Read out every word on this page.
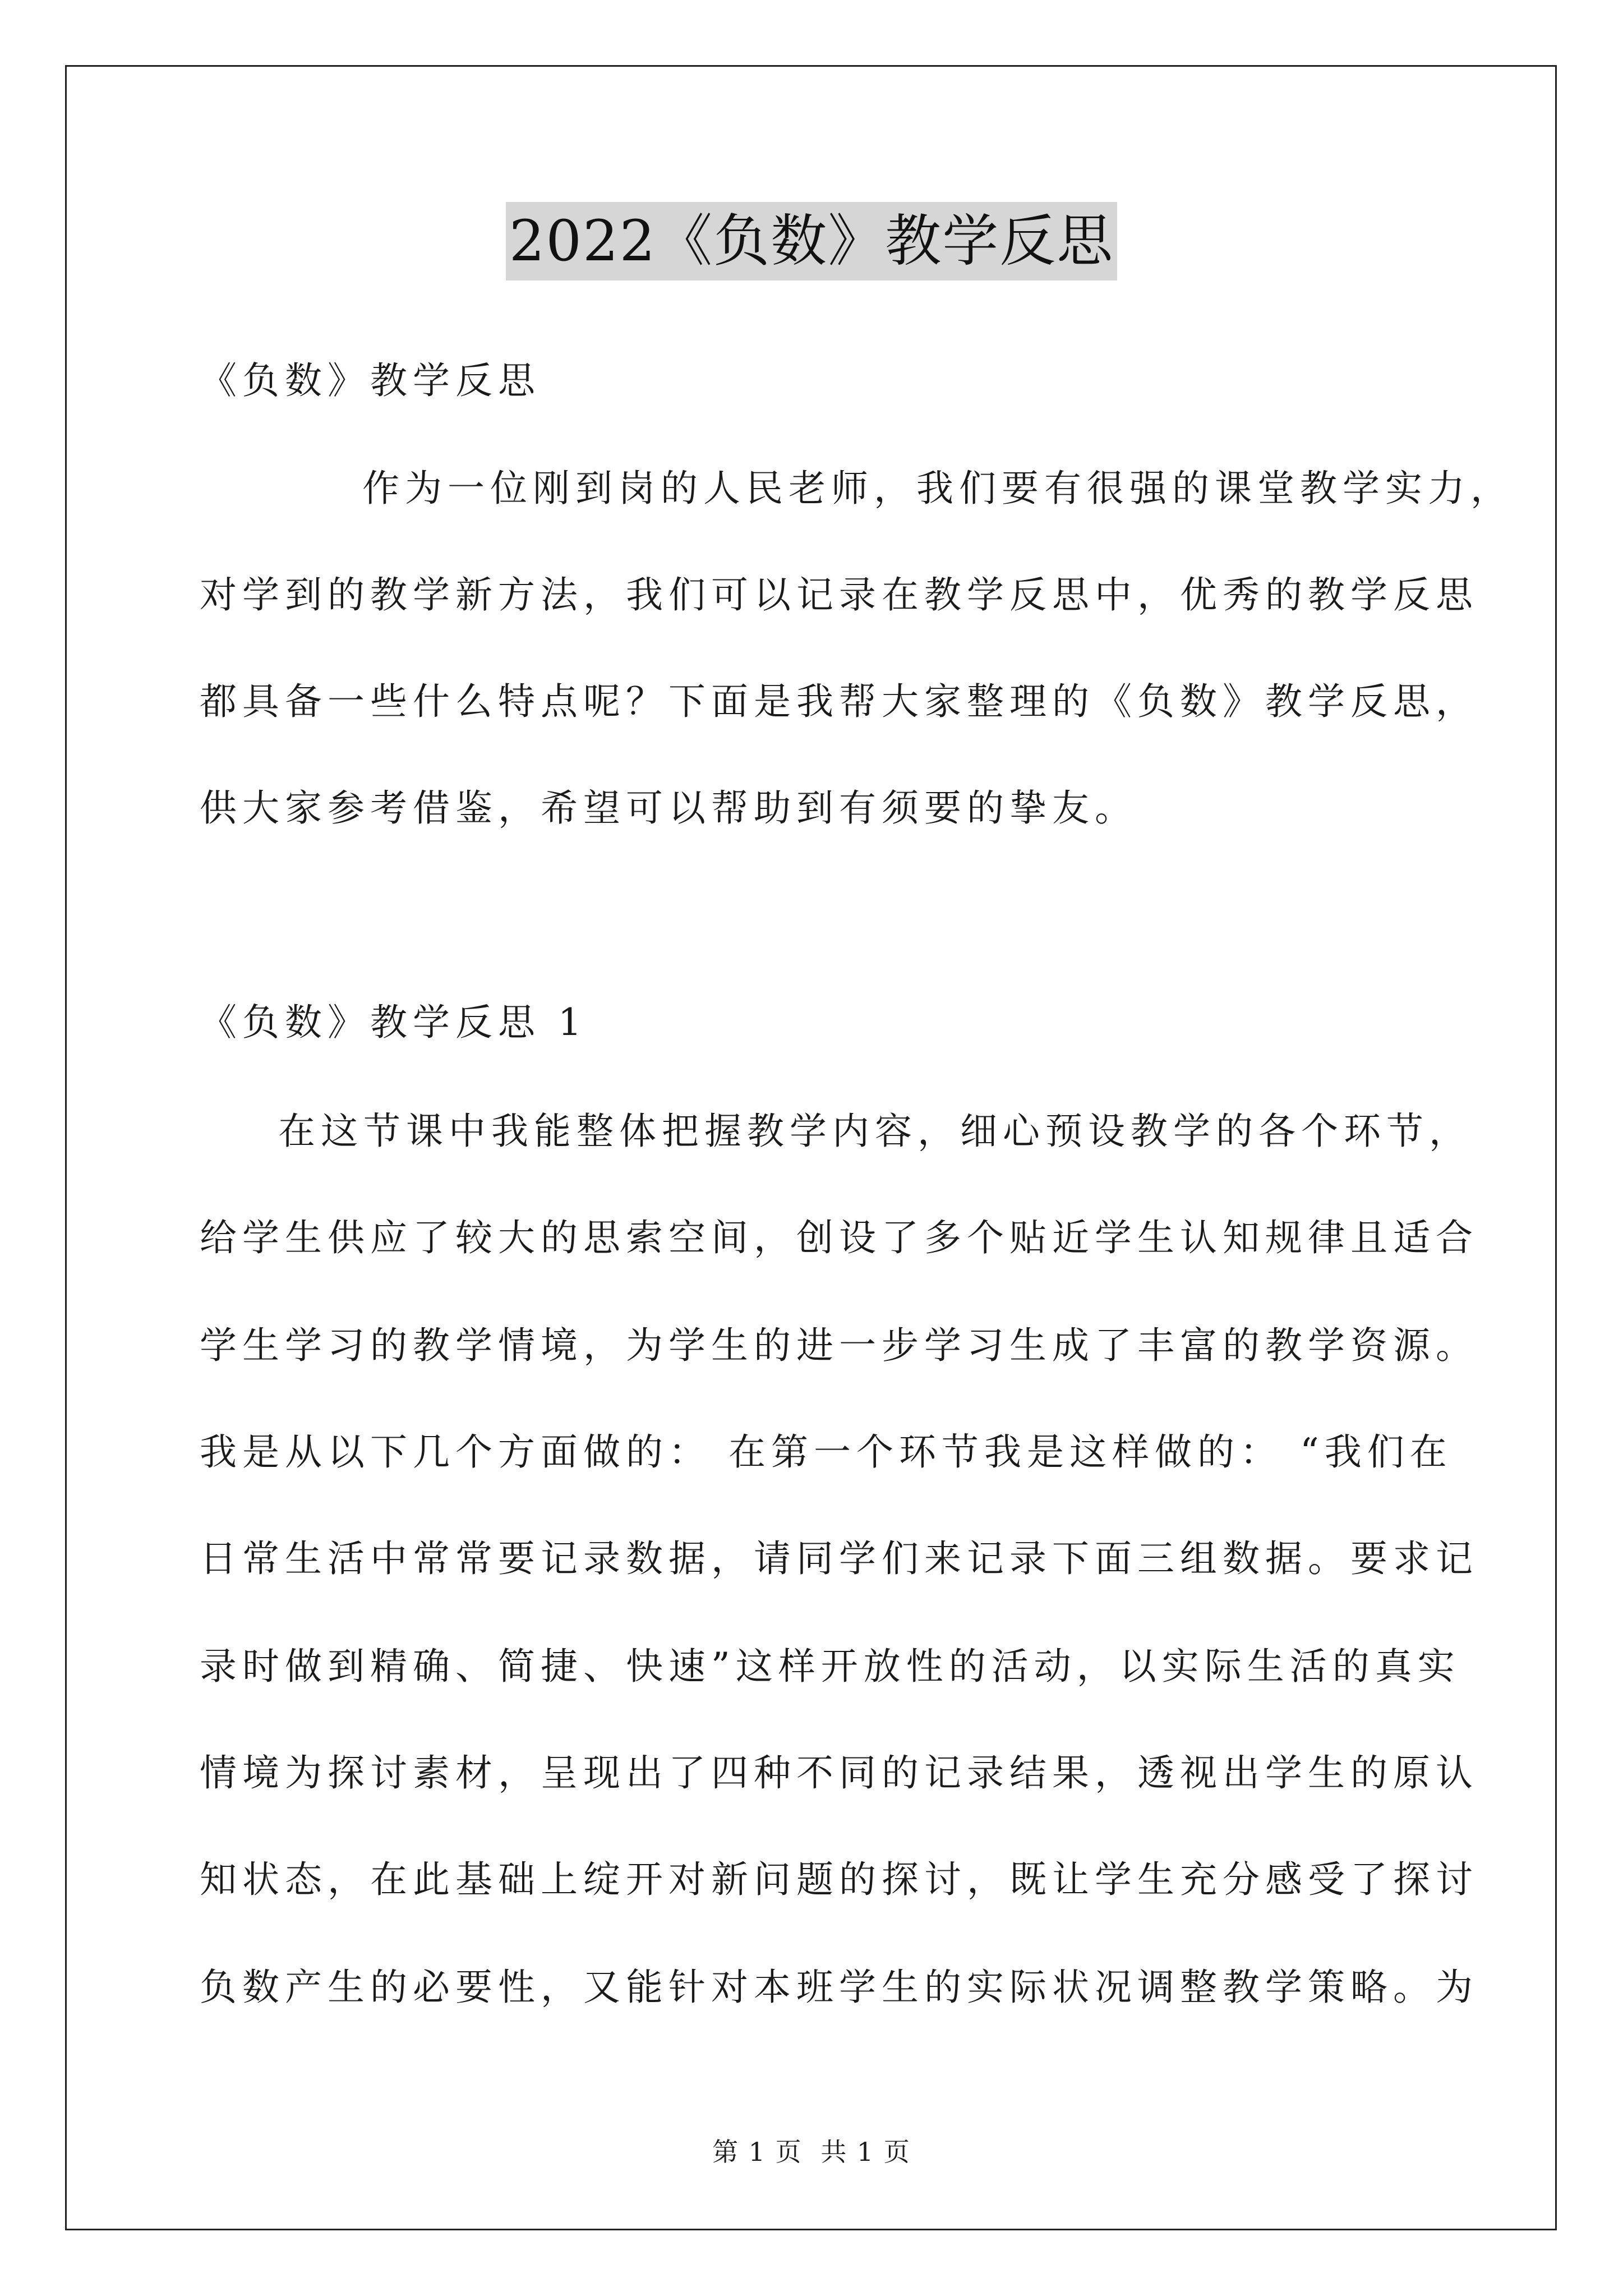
2022《负数》教学反思
《负数》教学反思
作为一位刚到岗的人民老师，我们要有很强的课堂教学实力，
对学到的教学新方法，我们可以记录在教学反思中，优秀的教学反思
都具备一些什么特点呢？下面是我帮大家整理的《负数》教学反思，
供大家参考借鉴，希望可以帮助到有须要的挚友。
《负数》教学反思 1
在这节课中我能整体把握教学内容，细心预设教学的各个环节，
给学生供应了较大的思索空间，创设了多个贴近学生认知规律且适合
学生学习的教学情境，为学生的进一步学习生成了丰富的教学资源。
我是从以下几个方面做的： 在第一个环节我是这样做的： “我们在
日常生活中常常要记录数据，请同学们来记录下面三组数据。要求记
录时做到精确、简捷、快速”这样开放性的活动，以实际生活的真实
情境为探讨素材，呈现出了四种不同的记录结果，透视出学生的原认
知状态，在此基础上绽开对新问题的探讨，既让学生充分感受了探讨
负数产生的必要性，又能针对本班学生的实际状况调整教学策略。为
第 1 页 共 1 页
